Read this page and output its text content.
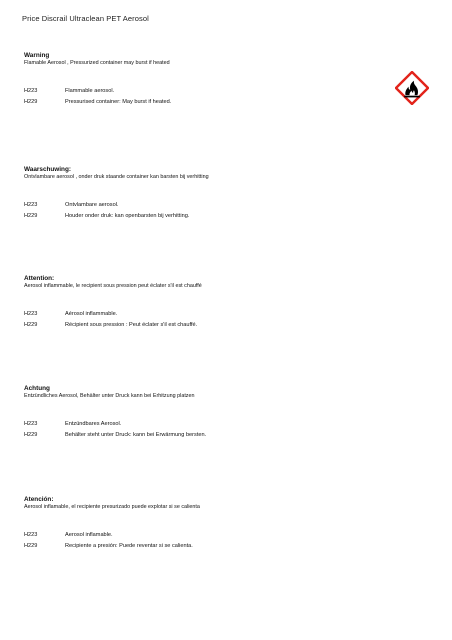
Price Discrail Ultraclean PET Aerosol

Warning

Flamable Aerosol , Pressurized container may burst if heated

H223	Flammable aerosol.
H229	Pressurised container: May burst if heated.

Waarschuwing:

Ontvlambare aerosol , onder druk staande container kan barsten bij verhitting

H223	Ontvlambare aerosol.
H229	Houder onder druk: kan openbarsten bij verhitting.

Attention:

Aerosol inflammable, le recipient sous pression peut éclater s'il est chauffé

H223	Aérosol inflammable.
H229	Récipient sous pression : Peut éclater s'il est chauffé.

Achtung

Entzündliches Aerosol, Behälter unter Druck kann bei Erhitzung platzen

H223	Entzündbares Aerosol.
H229	Behälter steht unter Druck: kann bei Erwärmung bersten.

Atención:

Aerosol inflamable, el recipiente presurizado puede explotar si se calienta

H223	Aerosol inflamable.
H229	Recipiente a presión: Puede reventar si se calienta.
